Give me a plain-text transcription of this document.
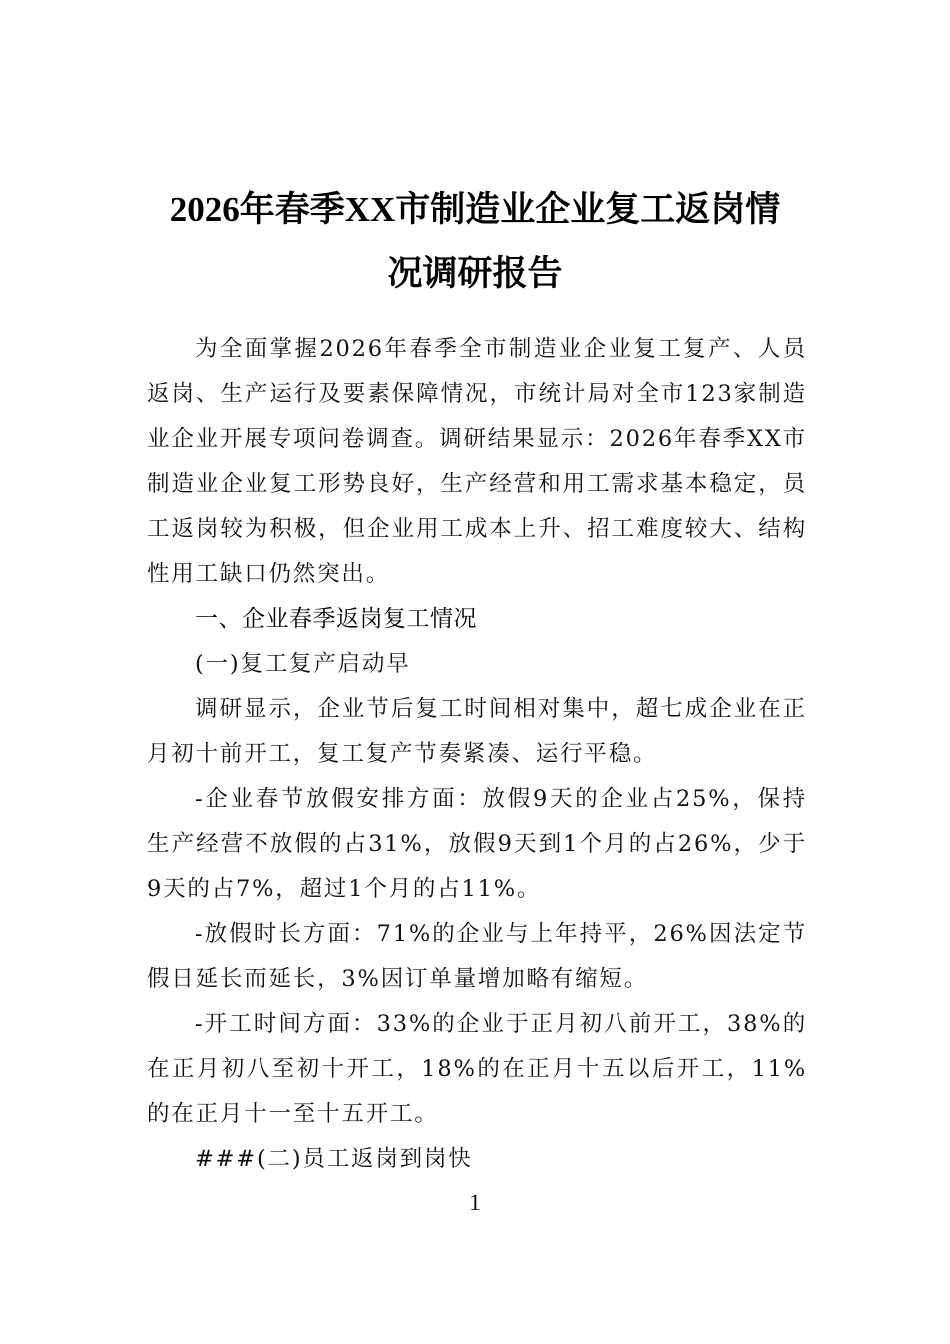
2026年春季XX市制造业企业复工返岗情
况调研报告

为全面掌握2026年春季全市制造业企业复工复产、人员返岗、生产运行及要素保障情况，市统计局对全市123家制造业企业开展专项问卷调查。调研结果显示：2026年春季XX市制造业企业复工形势良好，生产经营和用工需求基本稳定，员工返岗较为积极，但企业用工成本上升、招工难度较大、结构性用工缺口仍然突出。

一、企业春季返岗复工情况

(一)复工复产启动早

调研显示，企业节后复工时间相对集中，超七成企业在正月初十前开工，复工复产节奏紧凑、运行平稳。

-企业春节放假安排方面：放假9天的企业占25%，保持生产经营不放假的占31%，放假9天到1个月的占26%，少于9天的占7%，超过1个月的占11%。

-放假时长方面：71%的企业与上年持平，26%因法定节假日延长而延长，3%因订单量增加略有缩短。

-开工时间方面：33%的企业于正月初八前开工，38%的在正月初八至初十开工，18%的在正月十五以后开工，11%的在正月十一至十五开工。

###(二)员工返岗到岗快

1
